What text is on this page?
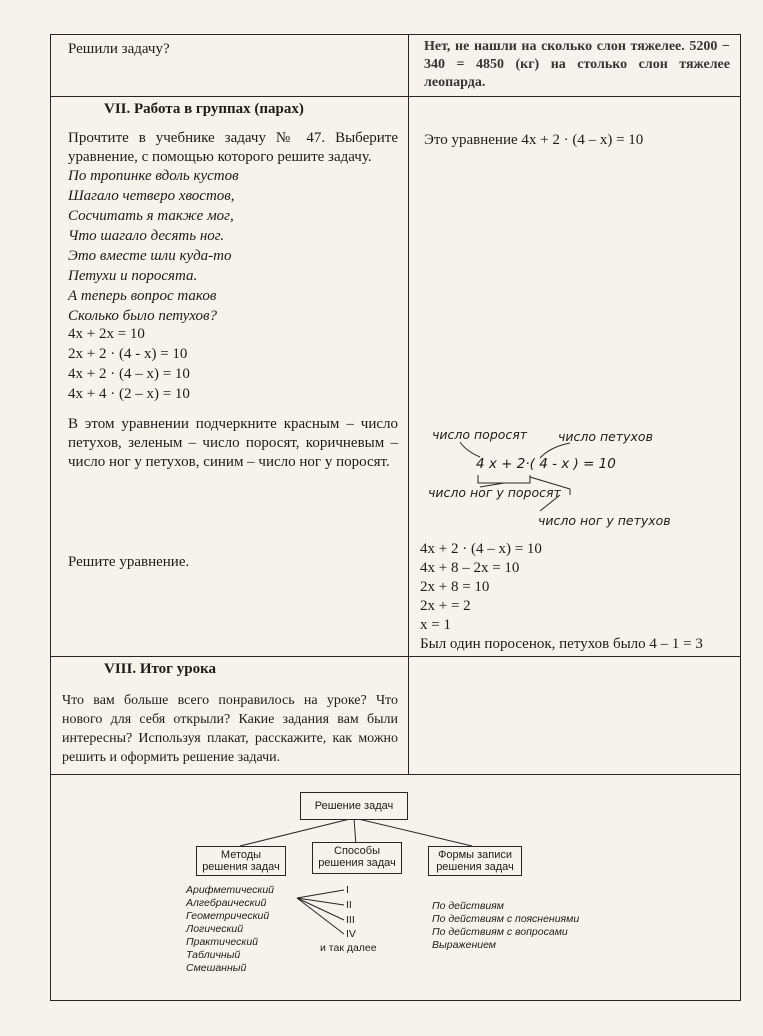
Решили задачу?	Нет, не нашли на сколько слон тяжелее. 5200 − 340 = 4850 (кг) на столько слон тяжелее леопарда.
VII. Работа в группах (парах)
Прочтите в учебнике задачу № 47. Выберите уравнение, с помощью которого решите задачу.
По тропинке вдоль кустов
Шагало четверо хвостов,
Сосчитать я также мог,
Что шагало десять ног.
Это вместе шли куда-то
Петухи и поросята.
А теперь вопрос таков
Сколько было петухов?
4x + 2x = 10
2x + 2 · (4 - x) = 10
4x + 2 · (4 – x) = 10
4x + 4 · (2 – x) = 10
В этом уравнении подчеркните красным – число петухов, зеленым – число поросят, коричневым – число ног у петухов, синим – число ног у поросят.
Решите уравнение.
Это уравнение 4x + 2 · (4 – x) = 10
число поросят число петухов
4 x + 2·( 4 - x ) = 10
число ног у поросят
число ног у петухов
4x + 2 · (4 – x) = 10
4x + 8 – 2x = 10
2x + 8 = 10
2x + = 2
x = 1
Был один поросенок, петухов было 4 – 1 = 3
VIII. Итог урока
Что вам больше всего понравилось на уроке? Что нового для себя открыли? Какие задания вам были интересны? Используя плакат, расскажите, как можно решить и оформить решение задачи.
Решение задач
Методы решения задач
Способы решения задач
Формы записи решения задач
Арифметический
Алгебраический
Геометрический
Логический
Практический
Табличный
Смешанный
I
II
III
IV
и так далее
По действиям
По действиям с пояснениями
По действиям с вопросами
Выражением
